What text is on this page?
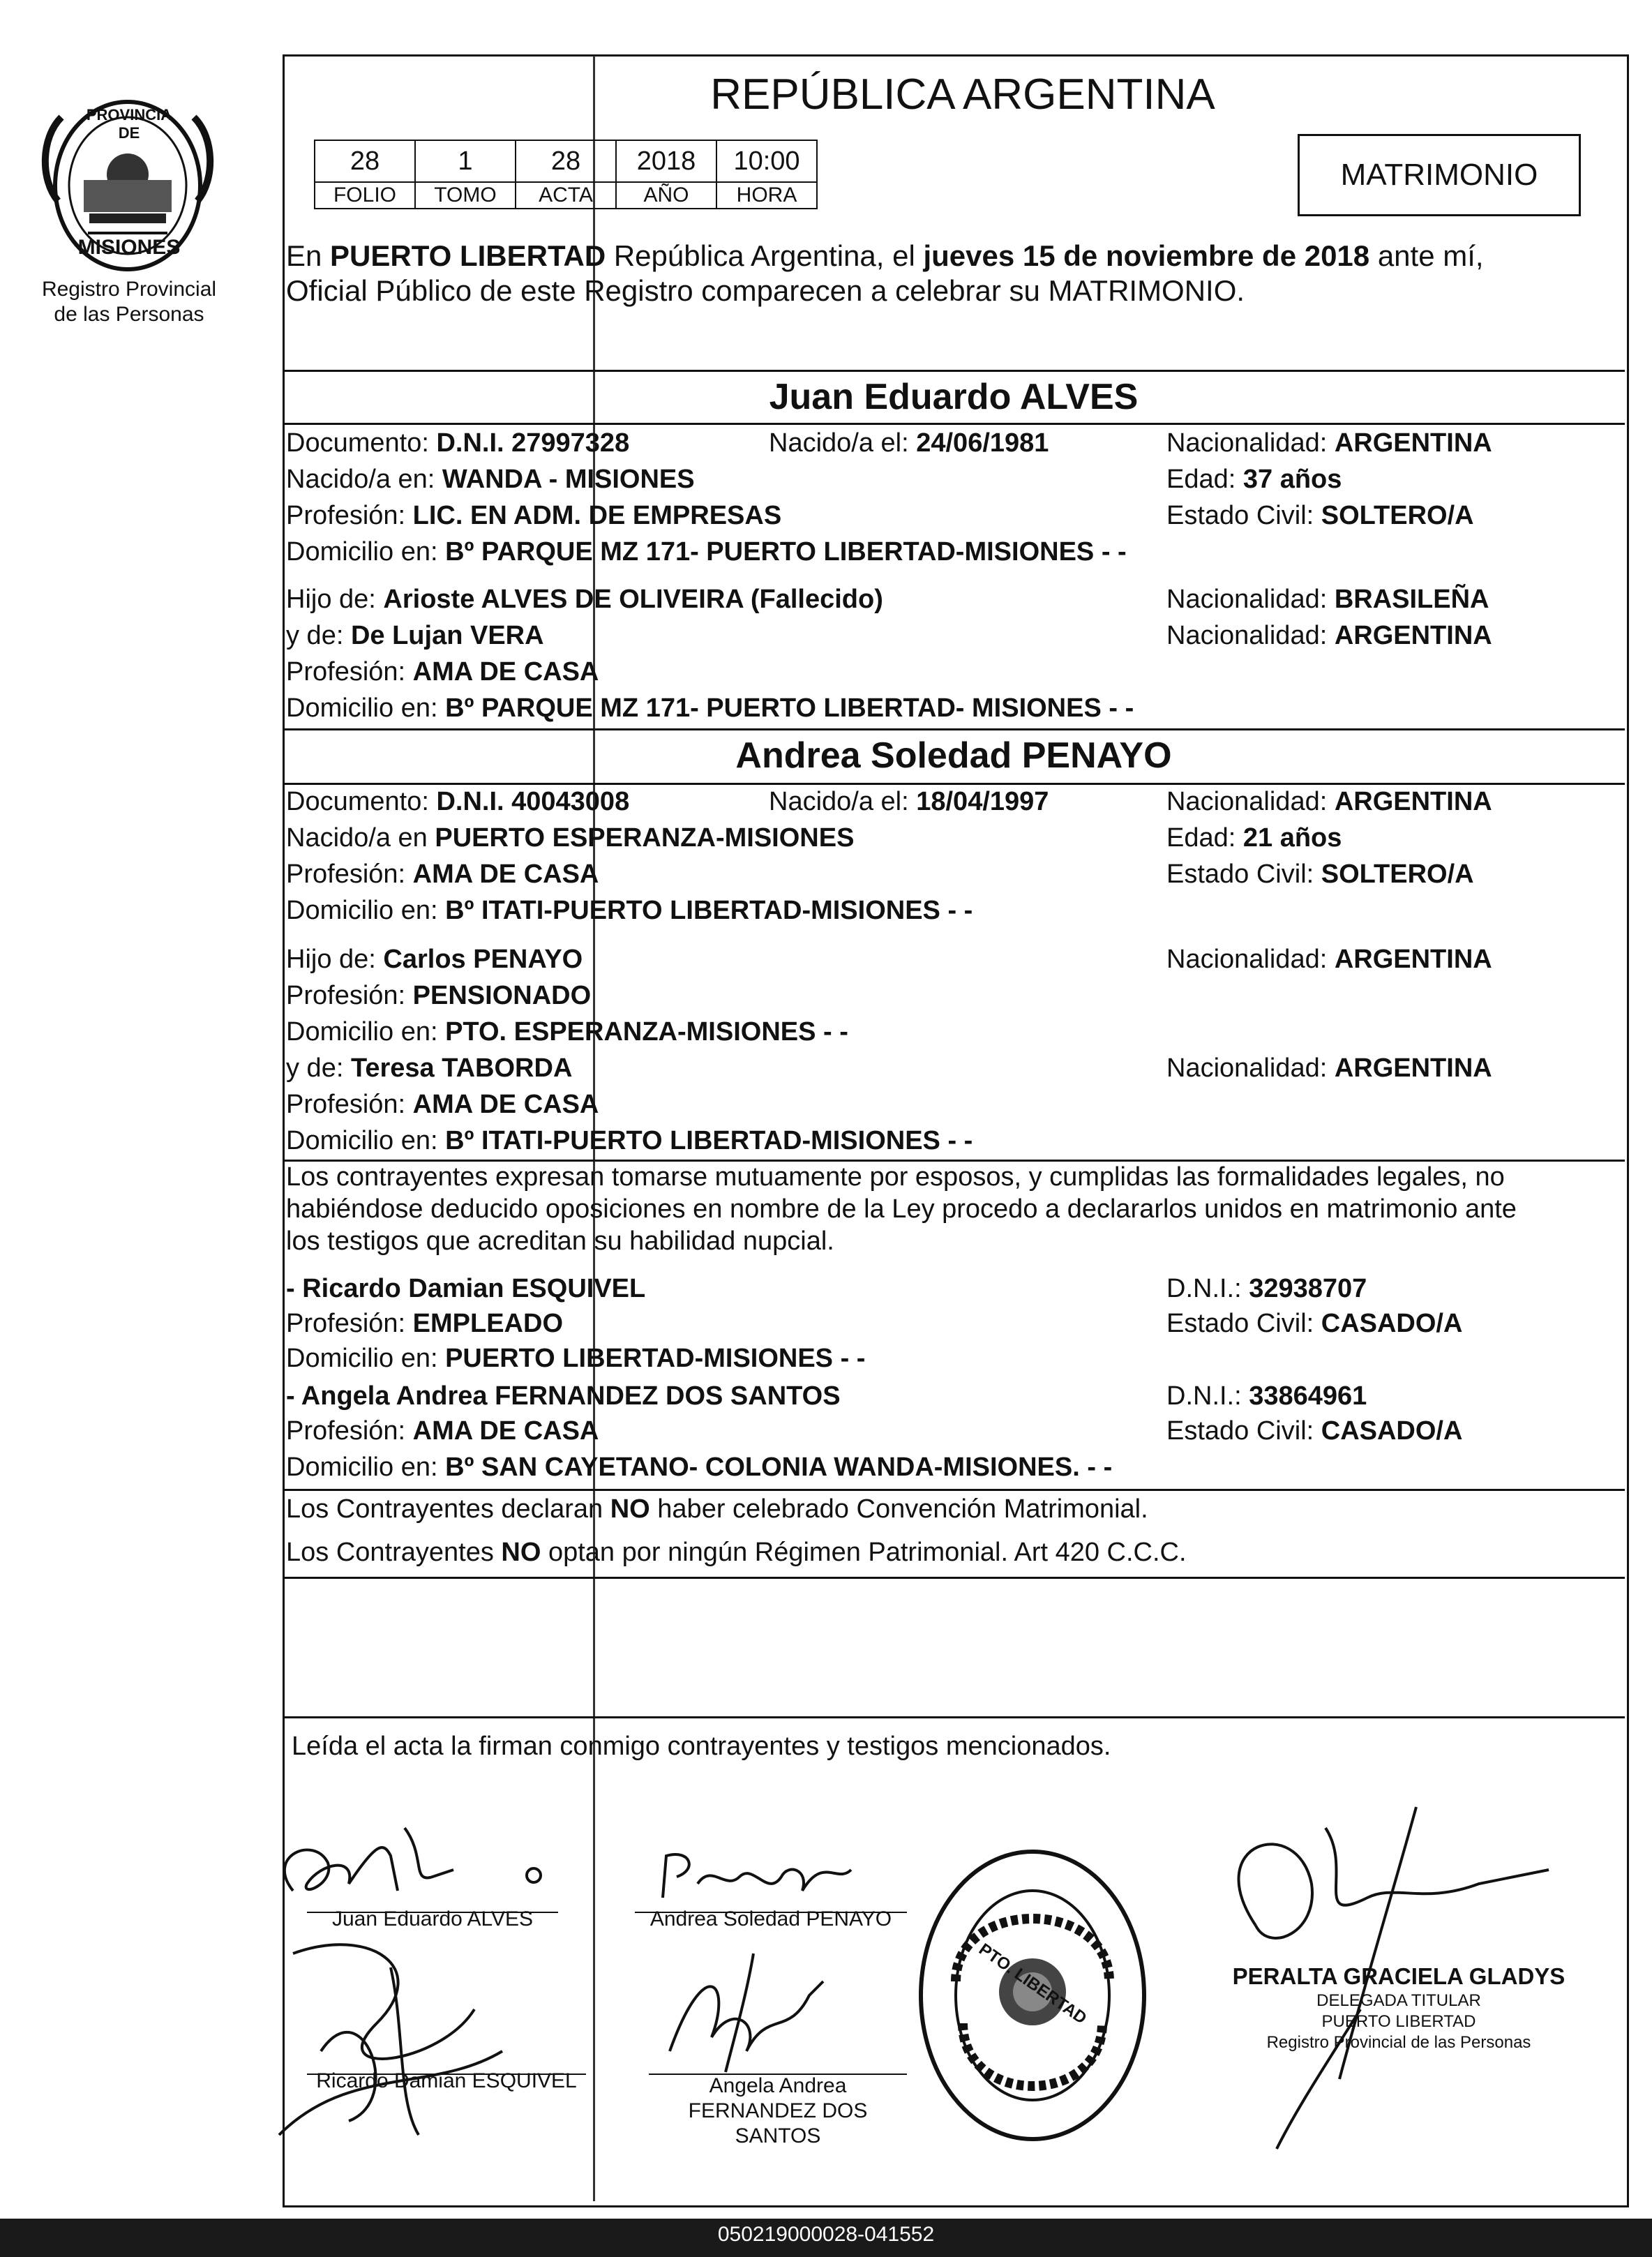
PROVINCIA DE
MISIONES
Registro Provincial
de las Personas
REPÚBLICA ARGENTINA
MATRIMONIO
28	1	28	2018	10:00
FOLIO	TOMO	ACTA	AÑO	HORA
En PUERTO LIBERTAD República Argentina, el jueves 15 de noviembre de 2018 ante mí,
Oficial Público de este Registro comparecen a celebrar su MATRIMONIO.
Juan Eduardo ALVES
Documento: D.N.I. 27997328	Nacido/a el: 24/06/1981	Nacionalidad: ARGENTINA
Nacido/a en: WANDA - MISIONES	Edad: 37 años
Profesión: LIC. EN ADM. DE EMPRESAS	Estado Civil: SOLTERO/A
Domicilio en: Bº PARQUE MZ 171- PUERTO LIBERTAD-MISIONES - -
Hijo de: Arioste ALVES DE OLIVEIRA (Fallecido)	Nacionalidad: BRASILEÑA
y de: De Lujan VERA	Nacionalidad: ARGENTINA
Profesión: AMA DE CASA
Domicilio en: Bº PARQUE MZ 171- PUERTO LIBERTAD- MISIONES - -
Andrea Soledad PENAYO
Documento: D.N.I. 40043008	Nacido/a el: 18/04/1997	Nacionalidad: ARGENTINA
Nacido/a en PUERTO ESPERANZA-MISIONES	Edad: 21 años
Profesión: AMA DE CASA	Estado Civil: SOLTERO/A
Domicilio en: Bº ITATI-PUERTO LIBERTAD-MISIONES - -
Hijo de: Carlos PENAYO	Nacionalidad: ARGENTINA
Profesión: PENSIONADO
Domicilio en: PTO. ESPERANZA-MISIONES - -
y de: Teresa TABORDA	Nacionalidad: ARGENTINA
Profesión: AMA DE CASA
Domicilio en: Bº ITATI-PUERTO LIBERTAD-MISIONES - -
Los contrayentes expresan tomarse mutuamente por esposos, y cumplidas las formalidades legales, no
habiéndose deducido oposiciones en nombre de la Ley procedo a declararlos unidos en matrimonio ante
los testigos que acreditan su habilidad nupcial.
- Ricardo Damian ESQUIVEL	D.N.I.: 32938707
Profesión: EMPLEADO	Estado Civil: CASADO/A
Domicilio en: PUERTO LIBERTAD-MISIONES - -
- Angela Andrea FERNANDEZ DOS SANTOS	D.N.I.: 33864961
Profesión: AMA DE CASA	Estado Civil: CASADO/A
Domicilio en: Bº SAN CAYETANO- COLONIA WANDA-MISIONES. - -
Los Contrayentes declaran NO haber celebrado Convención Matrimonial.
Los Contrayentes NO optan por ningún Régimen Patrimonial. Art 420 C.C.C.
Leída el acta la firman conmigo contrayentes y testigos mencionados.
Juan Eduardo ALVES	Andrea Soledad PENAYO
Ricardo Damian ESQUIVEL	Angela Andrea
FERNANDEZ DOS
SANTOS
PTO. LIBERTAD	PERALTA GRACIELA GLADYS
DELEGADA TITULAR
PUERTO LIBERTAD
Registro Provincial de las Personas
050219000028-041552
